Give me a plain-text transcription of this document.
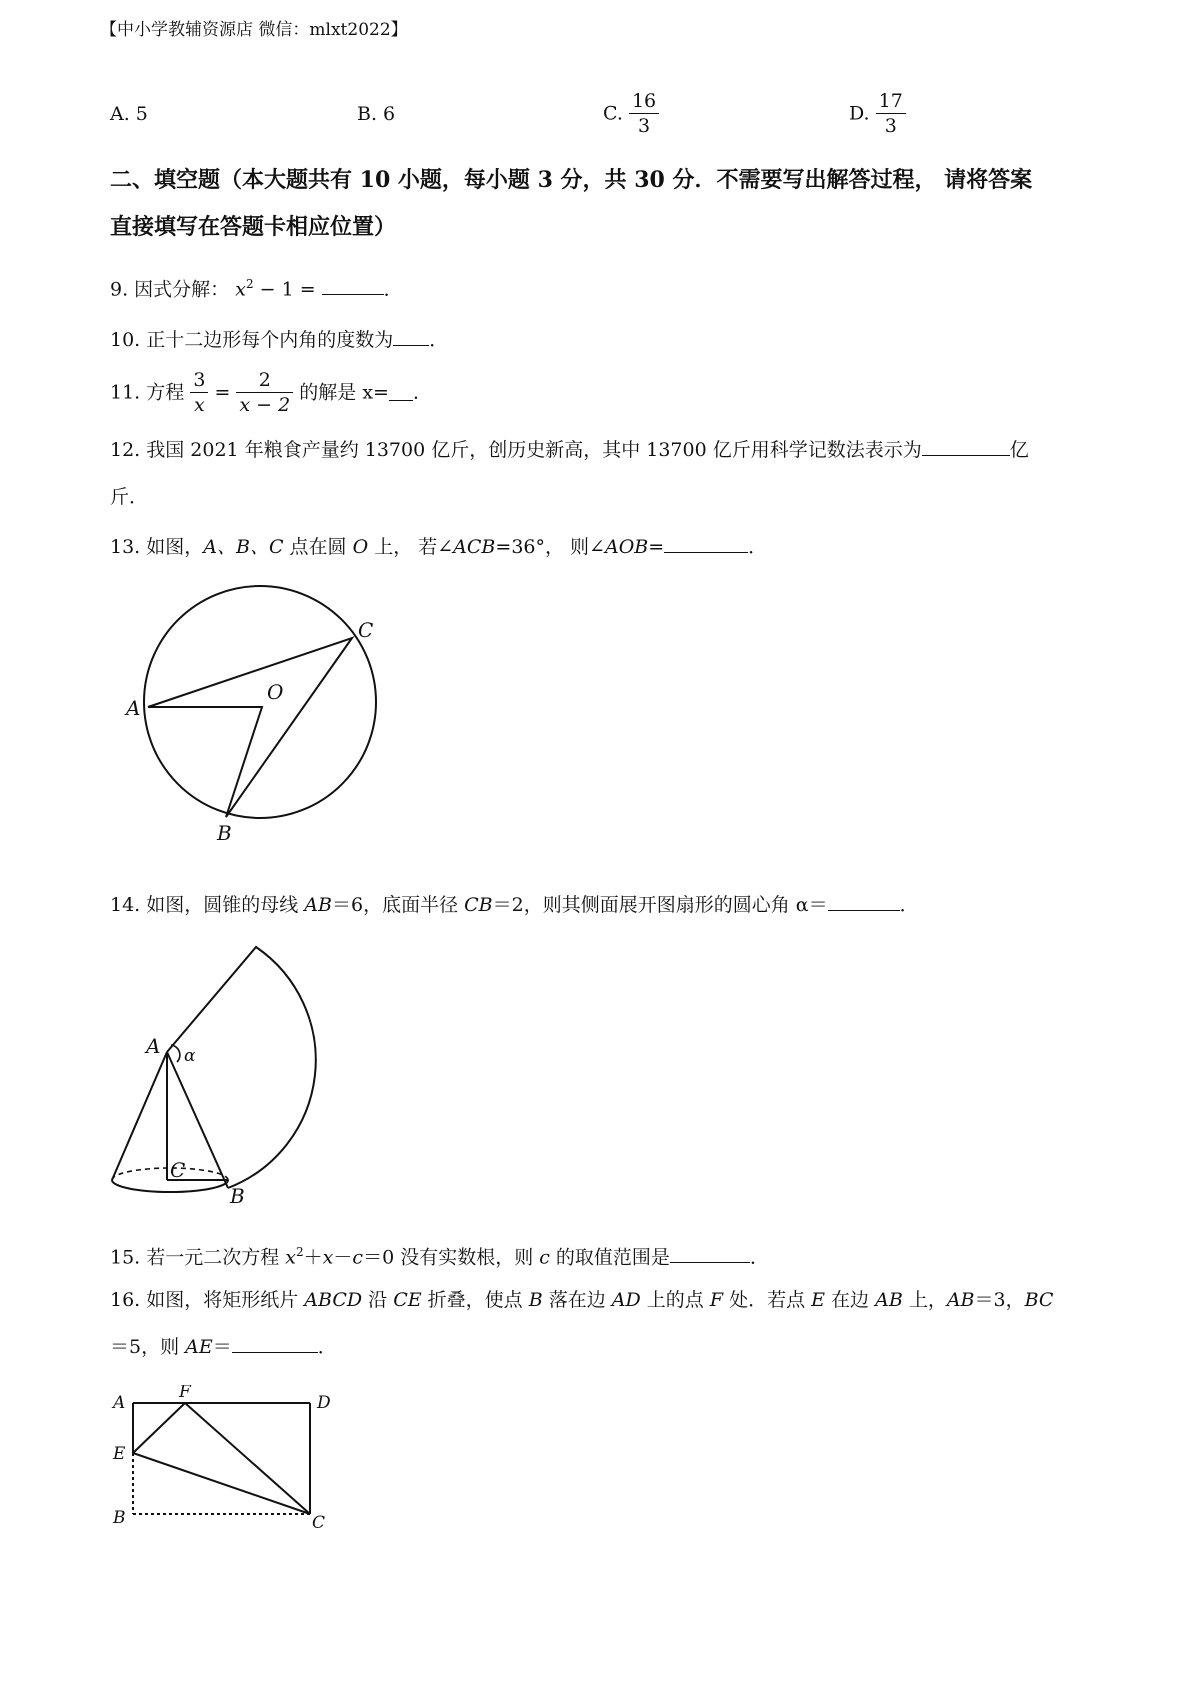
【中小学教辅资源店 微信：mlxt2022】
A. 5	B. 6	C. $\frac{16}{3}$	D. $\frac{17}{3}$
二、填空题（本大题共有 10 小题，每小题 3 分，共 30 分．不需要写出解答过程， 请将答案
直接填写在答题卡相应位置）
9. 因式分解： $x^2 - 1$ =	．
10. 正十二边形每个内角的度数为 ．
11. 方程 $\frac{3}{x} = \frac{2}{x - 2}$ 的解是 x= ．
12. 我国 2021 年粮食产量约 13700 亿斤，创历史新高，其中 13700 亿斤用科学记数法表示为	亿
斤．
13. 如图，A、B、C 点在圆 O 上， 若∠ACB=36°， 则∠AOB=	．
A
B
C
O
14. 如图，圆锥的母线 AB＝6，底面半径 CB＝2，则其侧面展开图扇形的圆心角 α＝	．
A α
C
B
15. 若一元二次方程 $x^2+x-c=0$ 没有实数根，则 c 的取值范围是	．
16. 如图，将矩形纸片 ABCD 沿 CE 折叠，使点 B 落在边 AD 上的点 F 处．若点 E 在边 AB 上，AB＝3，BC
＝5，则 AE＝	．
A
F
D
E
B	C
